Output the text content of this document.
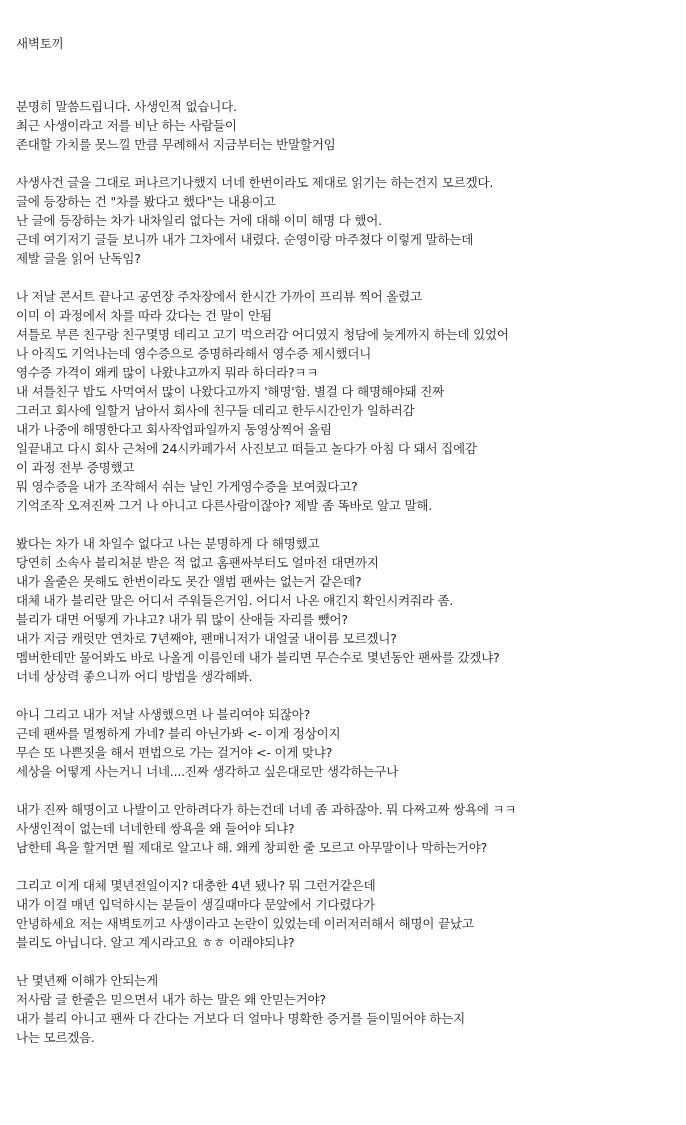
새벽토끼
분명히 말씀드립니다. 사생인적 없습니다.
최근 사생이라고 저를 비난 하는 사람들이
존대할 가치를 못느낄 만큼 무례해서 지금부터는 반말할거임
사생사건 글을 그대로 퍼나르기나했지 너네 한번이라도 제대로 읽기는 하는건지 모르겠다.
글에 등장하는 건 "차를 봤다고 했다"는 내용이고
난 글에 등장하는 차가 내차일리 없다는 거에 대해 이미 해명 다 했어.
근데 여기저기 글들 보니까 내가 그차에서 내렸다. 순영이랑 마주쳤다 이렇게 말하는데
제발 글을 읽어 난독임?
나 저날 콘서트 끝나고 공연장 주차장에서 한시간 가까이 프리뷰 찍어 올렸고
이미 이 과정에서 차를 따라 갔다는 건 말이 안됨
셔틀로 부른 친구랑 친구몇명 데리고 고기 먹으러감 어디였지 청담에 늦게까지 하는데 있었어
나 아직도 기억나는데 영수증으로 증명하라해서 영수증 제시했더니
영수증 가격이 왜케 많이 나왔냐고까지 뭐라 하더라?ㅋㅋ
내 셔틀친구 밥도 사먹여서 많이 나왔다고까지 '해명'함. 별걸 다 해명해야돼 진짜
그러고 회사에 일할거 남아서 회사에 친구들 데리고 한두시간인가 일하러감
내가 나중에 해명한다고 회사작업파일까지 동영상찍어 올림
일끝내고 다시 회사 근처에 24시카페가서 사진보고 떠들고 놀다가 아침 다 돼서 집에감
이 과정 전부 증명했고
뭐 영수증을 내가 조작해서 쉬는 날인 가게영수증을 보여줬다고?
기억조작 오져진짜 그거 나 아니고 다른사람이잖아? 제발 좀 똑바로 알고 말해.
봤다는 차가 내 차일수 없다고 나는 분명하게 다 해명했고
당연히 소속사 블리처분 받은 적 없고 홈팬싸부터도 얼마전 대면까지
내가 올줄은 못해도 한번이라도 못간 앨범 팬싸는 없는거 같은데?
대체 내가 블리란 말은 어디서 주워들은거임. 어디서 나온 얘긴지 확인시켜줘라 좀.
블리가 대면 어떻게 가냐고? 내가 뭐 많이 산애들 자리를 뺐어?
내가 지금 캐럿만 연차로 7년째야, 팬매니저가 내얼굴 내이름 모르겠니?
멤버한테만 물어봐도 바로 나올게 이름인데 내가 블리면 무슨수로 몇년동안 팬싸를 갔겠냐?
너네 상상력 좋으니까 어디 방법을 생각해봐.
아니 그리고 내가 저날 사생했으면 나 블리여야 되잖아?
근데 팬싸를 멀쩡하게 가네? 블리 아닌가봐 <- 이게 정상이지
무슨 또 나쁜짓을 해서 편법으로 가는 걸거야 <- 이게 맞냐?
세상을 어떻게 사는거니 너네....진짜 생각하고 싶은대로만 생각하는구나
내가 진짜 해명이고 나발이고 안하려다가 하는건데 너네 좀 과하잖아. 뭐 다짜고짜 쌍욕에 ㅋㅋ
사생인적이 없는데 너네한테 쌍욕을 왜 들어야 되냐?
남한테 욕을 할거면 뭘 제대로 알고나 해. 왜케 창피한 줄 모르고 아무말이나 막하는거야?
그리고 이게 대체 몇년전일이지? 대충한 4년 됐나? 뭐 그런거같은데
내가 이걸 매년 입덕하시는 분들이 생길때마다 문앞에서 기다렸다가
안녕하세요 저는 새벽토끼고 사생이라고 논란이 있었는데 이러저러해서 해명이 끝났고
블리도 아닙니다. 알고 계시라고요 ㅎㅎ 이래야되냐?
난 몇년째 이해가 안되는게
저사람 글 한줄은 믿으면서 내가 하는 말은 왜 안믿는거야?
내가 블리 아니고 팬싸 다 간다는 거보다 더 얼마나 명확한 증거를 들이밀어야 하는지
나는 모르겠음.
